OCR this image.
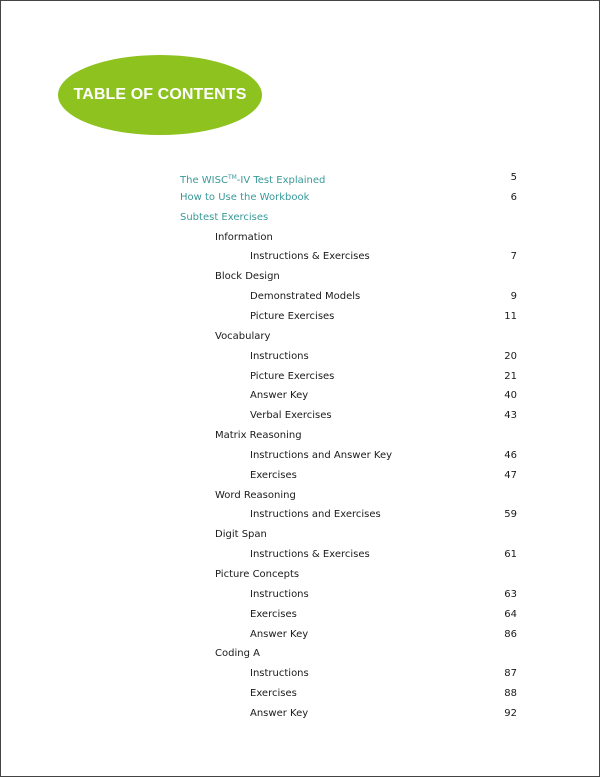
TABLE OF CONTENTS
The WISC™-IV Test Explained	5
How to Use the Workbook	6
Subtest Exercises
Information
Instructions & Exercises	7
Block Design
Demonstrated Models	9
Picture Exercises	11
Vocabulary
Instructions	20
Picture Exercises	21
Answer Key	40
Verbal Exercises	43
Matrix Reasoning
Instructions and Answer Key	46
Exercises	47
Word Reasoning
Instructions and Exercises	59
Digit Span
Instructions & Exercises	61
Picture Concepts
Instructions	63
Exercises	64
Answer Key	86
Coding A
Instructions	87
Exercises	88
Answer Key	92
